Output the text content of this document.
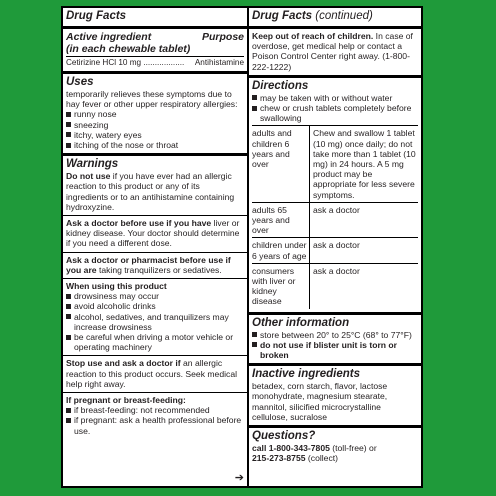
Drug Facts
Active ingredient	Purpose
(in each chewable tablet)
Cetirizine HCl 10 mg .................. Antihistamine
Uses
temporarily relieves these symptoms due to hay fever or other upper respiratory allergies:
runny nose
sneezing
itchy, watery eyes
itching of the nose or throat
Warnings
Do not use if you have ever had an allergic reaction to this product or any of its ingredients or to an antihistamine containing hydroxyzine.
Ask a doctor before use if you have liver or kidney disease. Your doctor should determine if you need a different dose.
Ask a doctor or pharmacist before use if you are taking tranquilizers or sedatives.
When using this product
drowsiness may occur
avoid alcoholic drinks
alcohol, sedatives, and tranquilizers may increase drowsiness
be careful when driving a motor vehicle or operating machinery
Stop use and ask a doctor if an allergic reaction to this product occurs. Seek medical help right away.
If pregnant or breast-feeding:
if breast-feeding: not recommended
if pregnant: ask a health professional before use.
➔
Drug Facts (continued)
Keep out of reach of children. In case of overdose, get medical help or contact a Poison Control Center right away. (1-800-222-1222)
Directions
may be taken with or without water
chew or crush tablets completely before swallowing
adults and children 6 years and over
Chew and swallow 1 tablet (10 mg) once daily; do not take more than 1 tablet (10 mg) in 24 hours. A 5 mg product may be appropriate for less severe symptoms.
adults 65 years and over
ask a doctor
children under 6 years of age
ask a doctor
consumers with liver or kidney disease
ask a doctor
Other information
store between 20° to 25°C (68° to 77°F)
do not use if blister unit is torn or broken
Inactive ingredients
betadex, corn starch, flavor, lactose monohydrate, magnesium stearate, mannitol, silicified microcrystalline cellulose, sucralose
Questions?
call 1-800-343-7805 (toll-free) or
215-273-8755 (collect)
